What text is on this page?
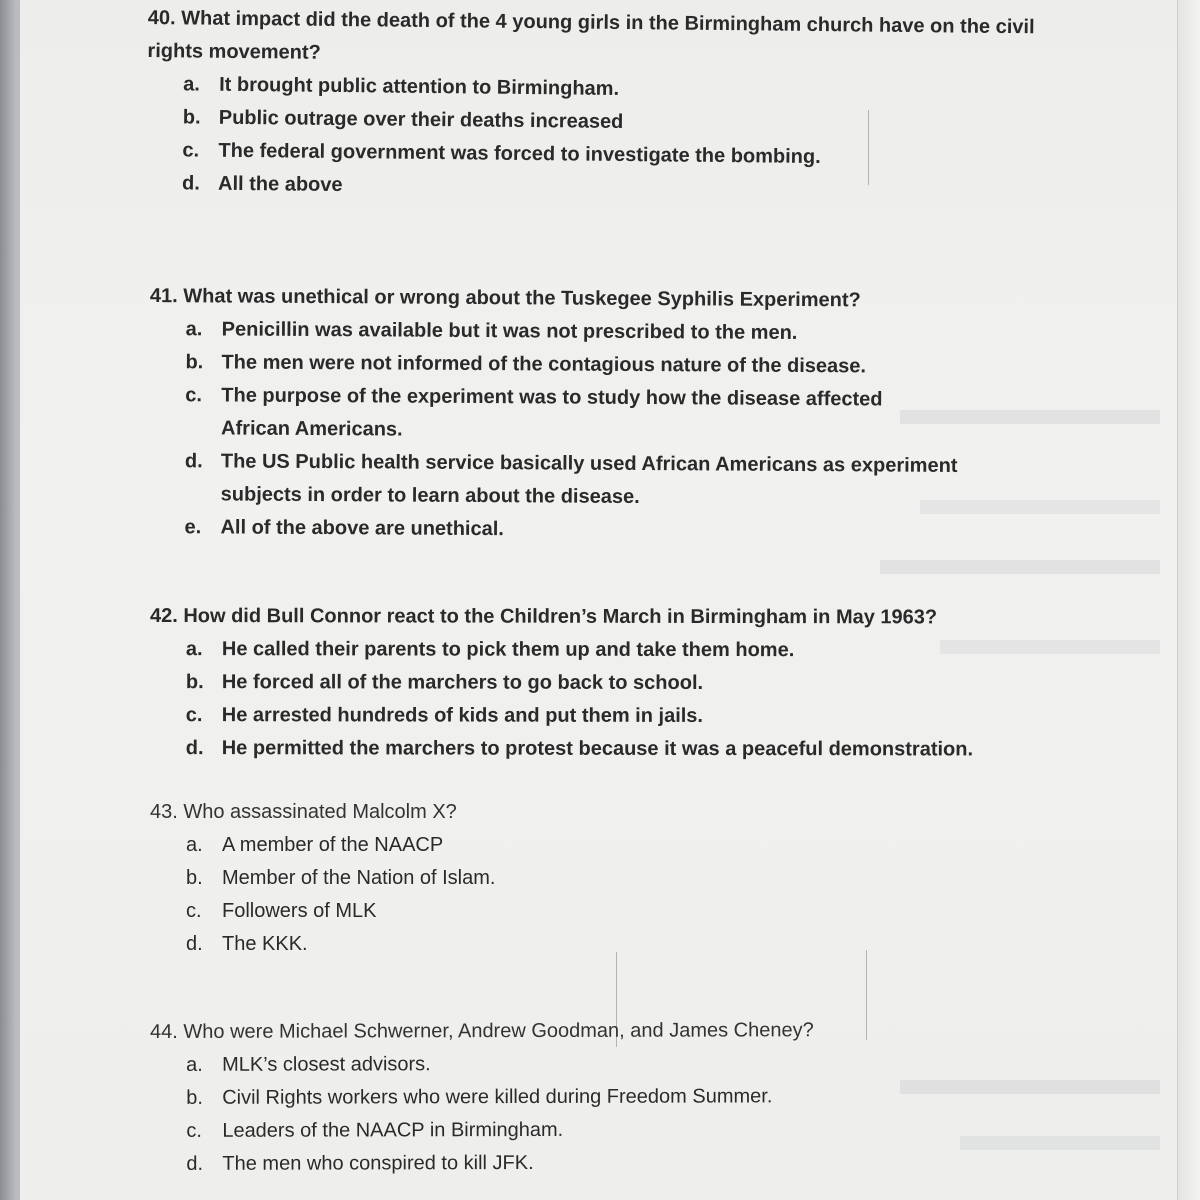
40. What impact did the death of the 4 young girls in the Birmingham church have on the civil rights movement?

a. It brought public attention to Birmingham.
b. Public outrage over their deaths increased
c. The federal government was forced to investigate the bombing.
d. All the above

41. What was unethical or wrong about the Tuskegee Syphilis Experiment?

a. Penicillin was available but it was not prescribed to the men.
b. The men were not informed of the contagious nature of the disease.
c. The purpose of the experiment was to study how the disease affected African Americans.
d. The US Public health service basically used African Americans as experiment subjects in order to learn about the disease.
e. All of the above are unethical.

42. How did Bull Connor react to the Children’s March in Birmingham in May 1963?

a. He called their parents to pick them up and take them home.
b. He forced all of the marchers to go back to school.
c. He arrested hundreds of kids and put them in jails.
d. He permitted the marchers to protest because it was a peaceful demonstration.

43. Who assassinated Malcolm X?

a. A member of the NAACP
b. Member of the Nation of Islam.
c.	Followers of MLK
d. The KKK.

44. Who were Michael Schwerner, Andrew Goodman, and James Cheney?

a. MLK’s closest advisors.
b. Civil Rights workers who were killed during Freedom Summer.
c.	Leaders of the NAACP in Birmingham.
d. The men who conspired to kill JFK.
